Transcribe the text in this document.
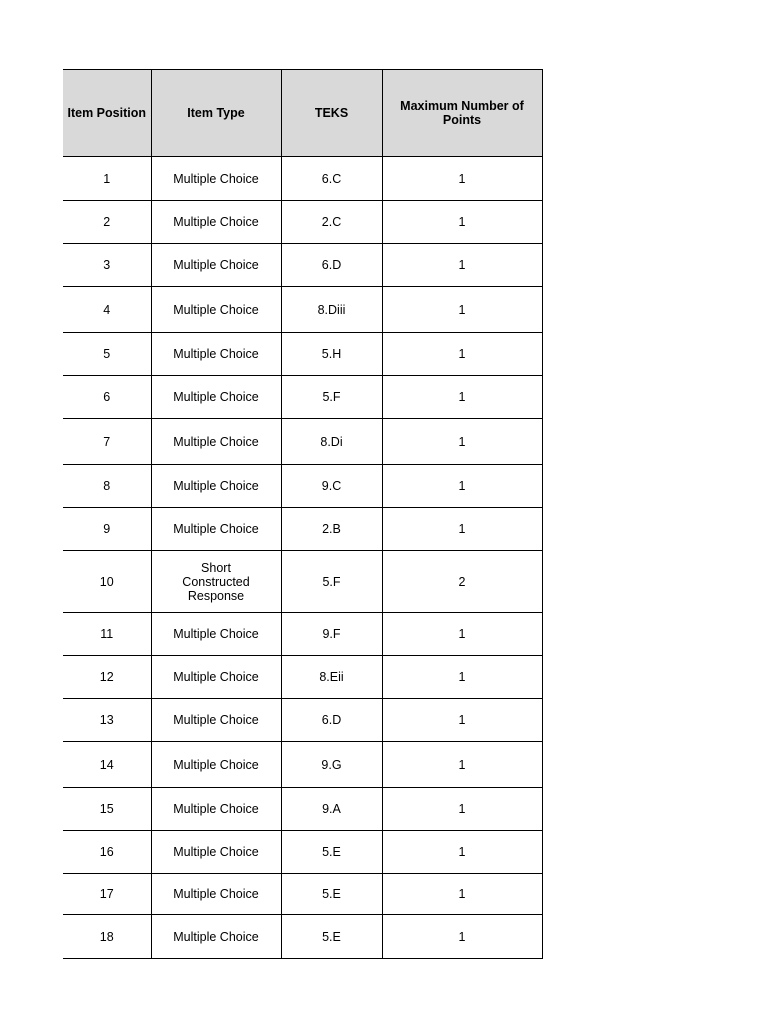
Item Position	Item Type	TEKS	Maximum Number of
Points
1	Multiple Choice	6.C	1
2	Multiple Choice	2.C	1
3	Multiple Choice	6.D	1
4	Multiple Choice	8.Diii	1
5	Multiple Choice	5.H	1
6	Multiple Choice	5.F	1
7	Multiple Choice	8.Di	1
8	Multiple Choice	9.C	1
9	Multiple Choice	2.B	1
10	Short
Constructed Response	5.F	2
11	Multiple Choice	9.F	1
12	Multiple Choice	8.Eii	1
13	Multiple Choice	6.D	1
14	Multiple Choice	9.G	1
15	Multiple Choice	9.A	1
16	Multiple Choice	5.E	1
17	Multiple Choice	5.E	1
18	Multiple Choice	5.E	1
